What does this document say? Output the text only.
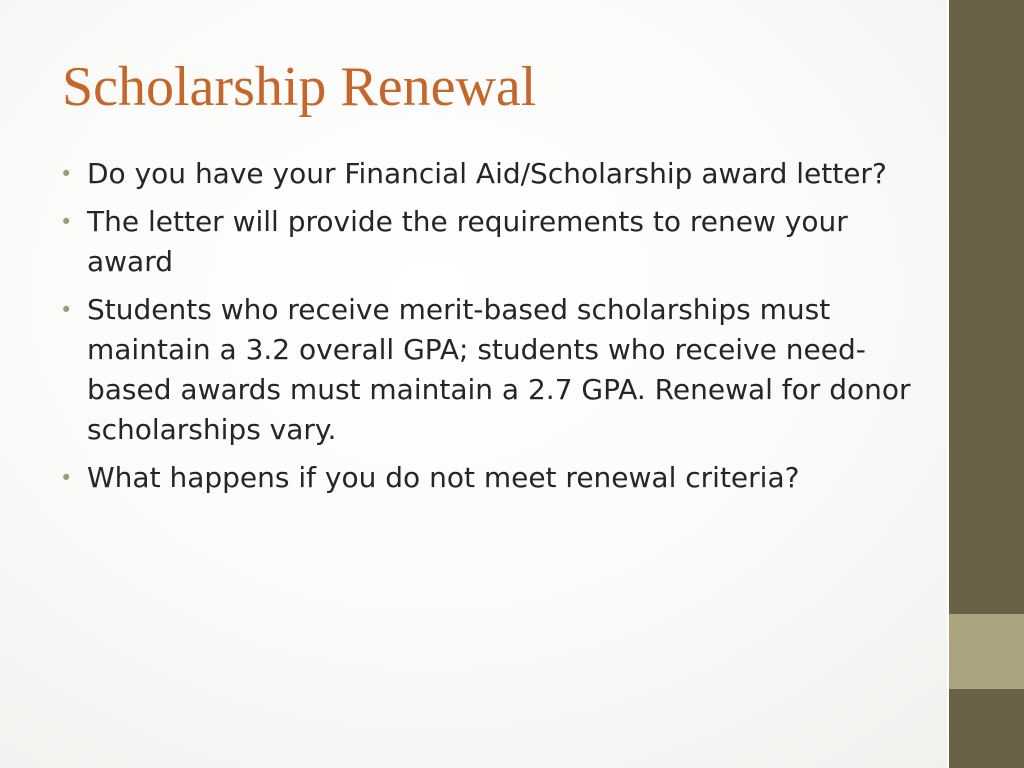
Scholarship Renewal
• Do you have your Financial Aid/Scholarship award letter?
• The letter will provide the requirements to renew your award
• Students who receive merit-based scholarships must maintain a 3.2 overall GPA; students who receive need-based awards must maintain a 2.7 GPA. Renewal for donor scholarships vary.
• What happens if you do not meet renewal criteria?
